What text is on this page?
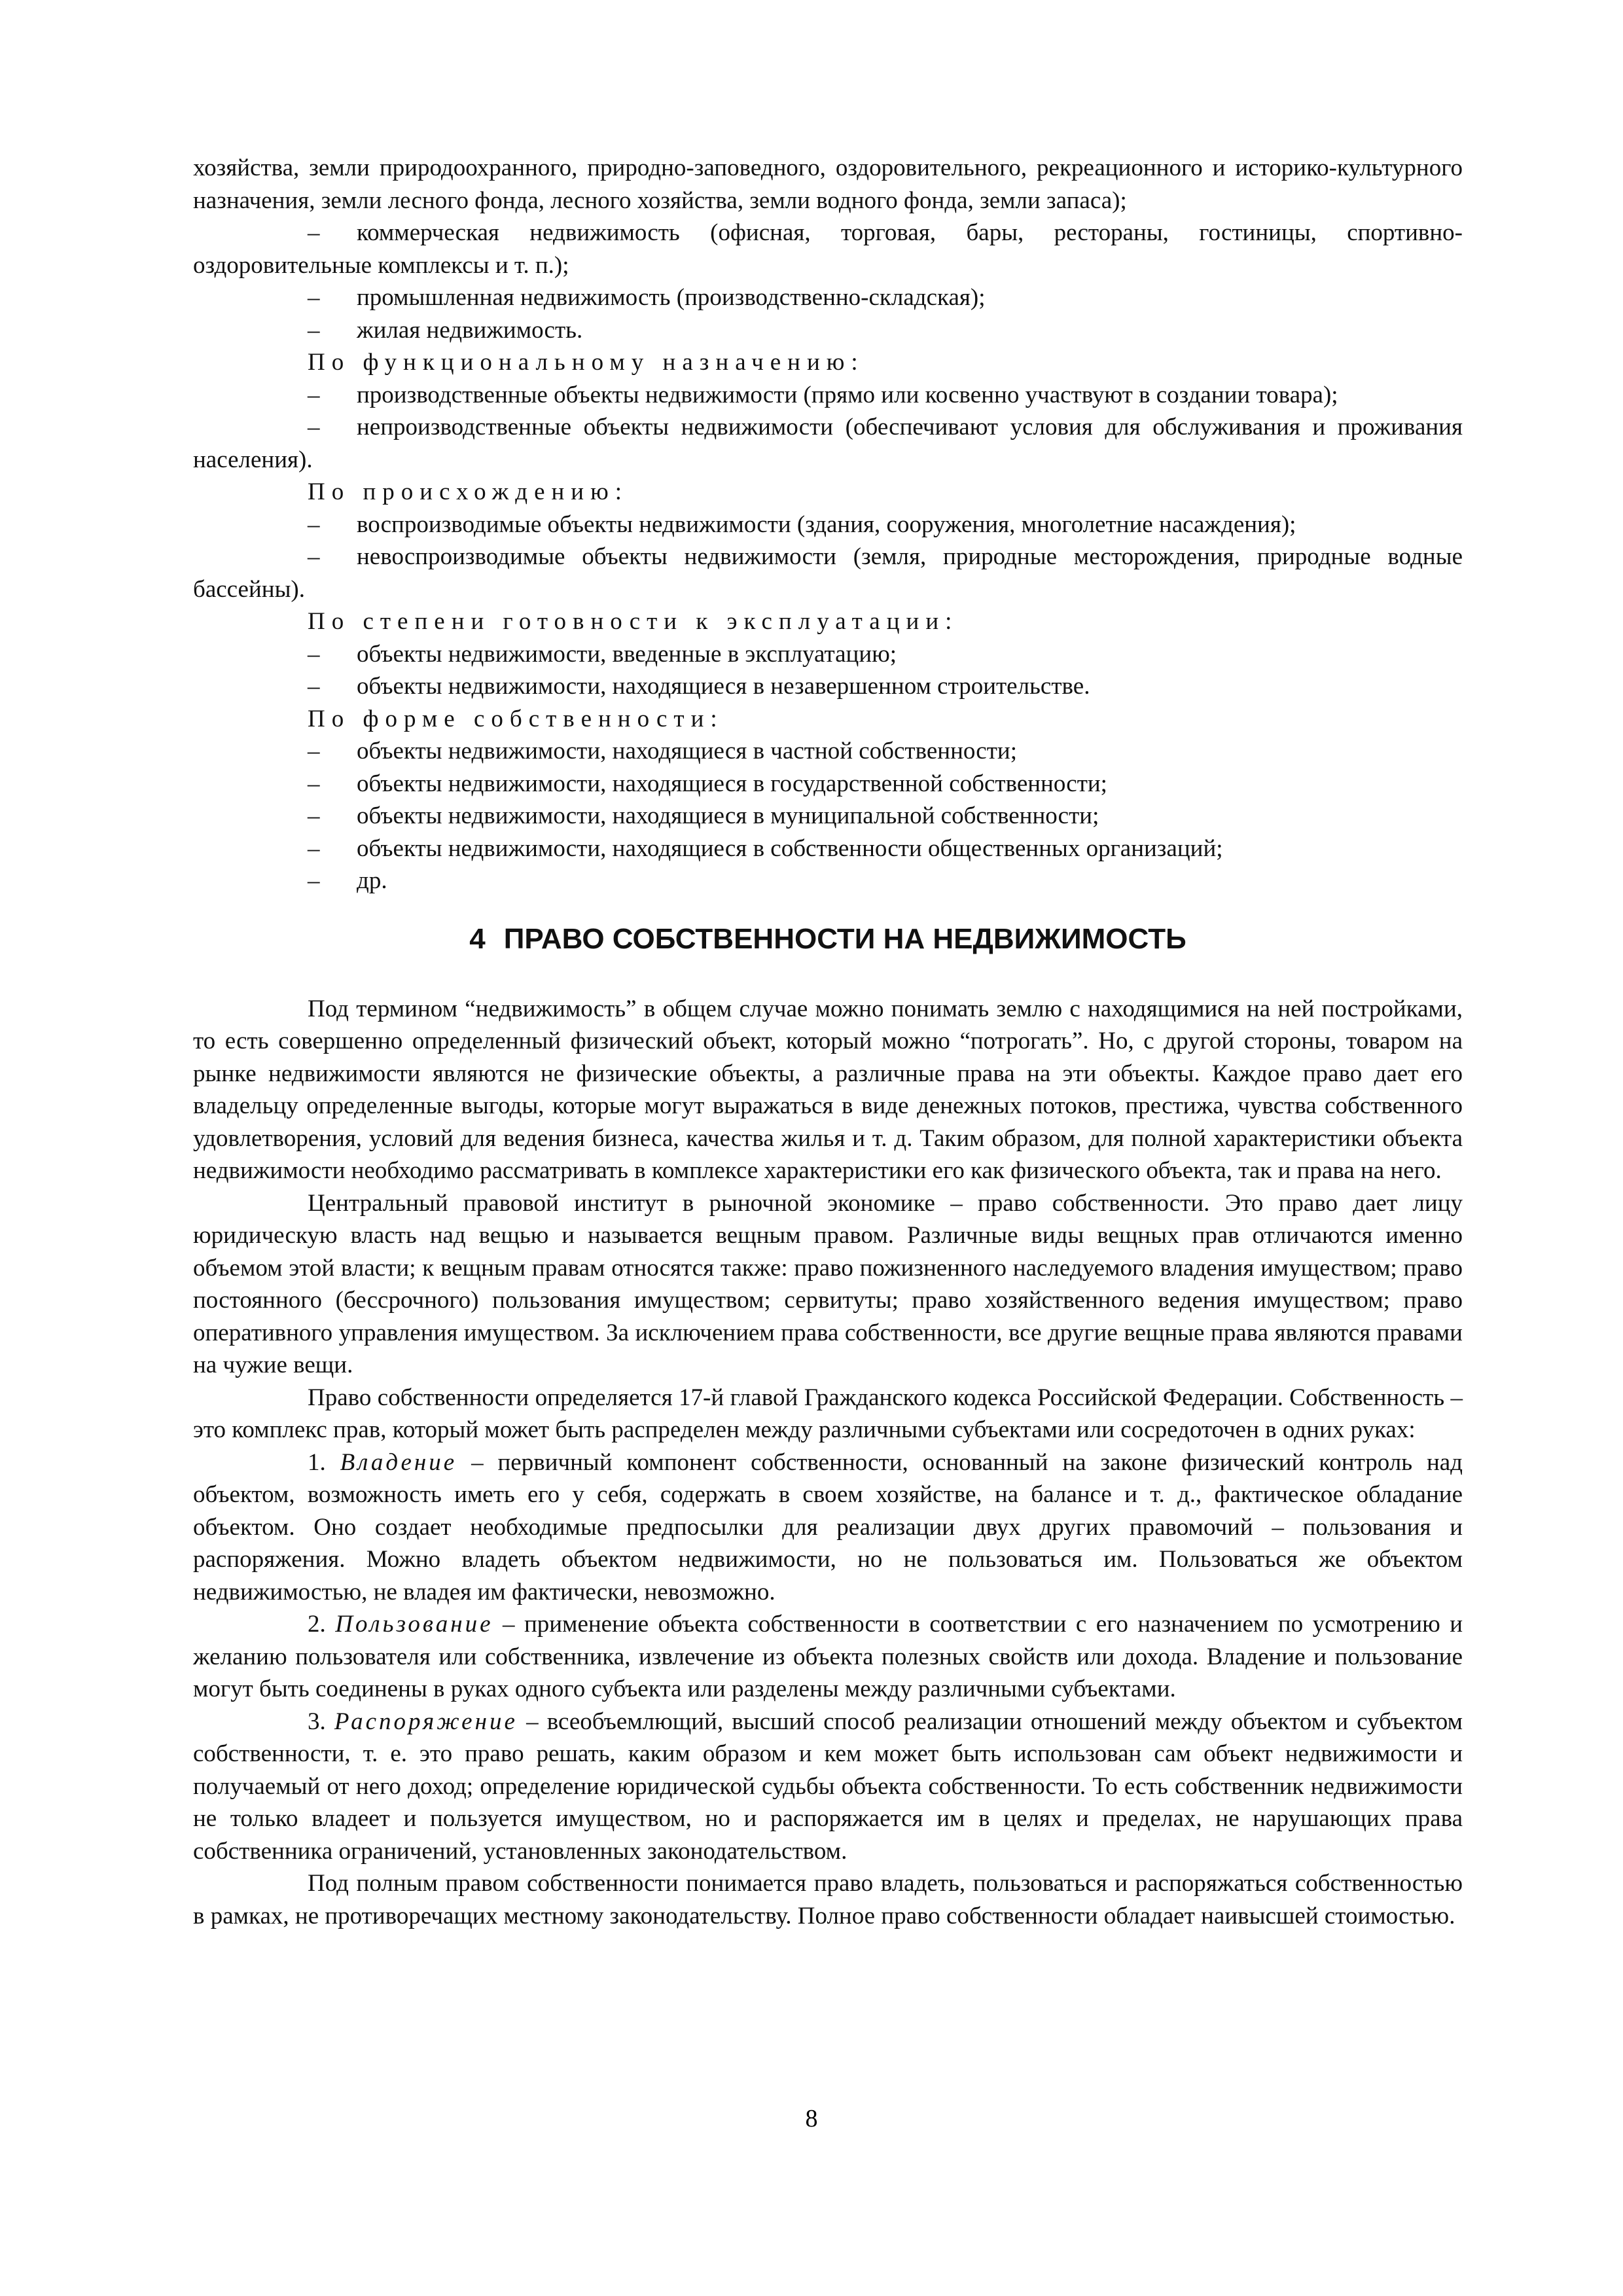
хозяйства, земли природоохранного, природно-заповедного, оздоровительного, рекреационного и историко-культурного назначения, земли лесного фонда, лесного хозяйства, земли водного фонда, земли запаса);

– коммерческая недвижимость (офисная, торговая, бары, рестораны, гостиницы, спортивно-оздоровительные комплексы и т. п.);

– промышленная недвижимость (производственно-складская);

– жилая недвижимость.

По функциональному назначению:

– производственные объекты недвижимости (прямо или косвенно участвуют в создании товара);

– непроизводственные объекты недвижимости (обеспечивают условия для обслуживания и проживания населения).

По происхождению:

– воспроизводимые объекты недвижимости (здания, сооружения, многолетние насаждения);

– невоспроизводимые объекты недвижимости (земля, природные месторождения, природные водные бассейны).

По степени готовности к эксплуатации:

– объекты недвижимости, введенные в эксплуатацию;

– объекты недвижимости, находящиеся в незавершенном строительстве.

По форме собственности:

– объекты недвижимости, находящиеся в частной собственности;

– объекты недвижимости, находящиеся в государственной собственности;

– объекты недвижимости, находящиеся в муниципальной собственности;

– объекты недвижимости, находящиеся в собственности общественных организаций;

– др.

4 ПРАВО СОБСТВЕННОСТИ НА НЕДВИЖИМОСТЬ

Под термином “недвижимость” в общем случае можно понимать землю с находящимися на ней постройками, то есть совершенно определенный физический объект, который можно “потрогать”. Но, с другой стороны, товаром на рынке недвижимости являются не физические объекты, а различные права на эти объекты. Каждое право дает его владельцу определенные выгоды, которые могут выражаться в виде денежных потоков, престижа, чувства собственного удовлетворения, условий для ведения бизнеса, качества жилья и т. д. Таким образом, для полной характеристики объекта недвижимости необходимо рассматривать в комплексе характеристики его как физического объекта, так и права на него.

Центральный правовой институт в рыночной экономике – право собственности. Это право дает лицу юридическую власть над вещью и называется вещным правом. Различные виды вещных прав отличаются именно объемом этой власти; к вещным правам относятся также: право пожизненного наследуемого владения имуществом; право постоянного (бессрочного) пользования имуществом; сервитуты; право хозяйственного ведения имуществом; право оперативного управления имуществом. За исключением права собственности, все другие вещные права являются правами на чужие вещи.

Право собственности определяется 17-й главой Гражданского кодекса Российской Федерации. Собственность – это комплекс прав, который может быть распределен между различными субъектами или сосредоточен в одних руках:

1. Владение – первичный компонент собственности, основанный на законе физический контроль над объектом, возможность иметь его у себя, содержать в своем хозяйстве, на балансе и т. д., фактическое обладание объектом. Оно создает необходимые предпосылки для реализации двух других правомочий – пользования и распоряжения. Можно владеть объектом недвижимости, но не пользоваться им. Пользоваться же объектом недвижимостью, не владея им фактически, невозможно.

2. Пользование – применение объекта собственности в соответствии с его назначением по усмотрению и желанию пользователя или собственника, извлечение из объекта полезных свойств или дохода. Владение и пользование могут быть соединены в руках одного субъекта или разделены между различными субъектами.

3. Распоряжение – всеобъемлющий, высший способ реализации отношений между объектом и субъектом собственности, т. е. это право решать, каким образом и кем может быть использован сам объект недвижимости и получаемый от него доход; определение юридической судьбы объекта собственности. То есть собственник недвижимости не только владеет и пользуется имуществом, но и распоряжается им в целях и пределах, не нарушающих права собственника ограничений, установленных законодательством.

Под полным правом собственности понимается право владеть, пользоваться и распоряжаться собственностью в рамках, не противоречащих местному законодательству. Полное право собственности обладает наивысшей стоимостью.

8
